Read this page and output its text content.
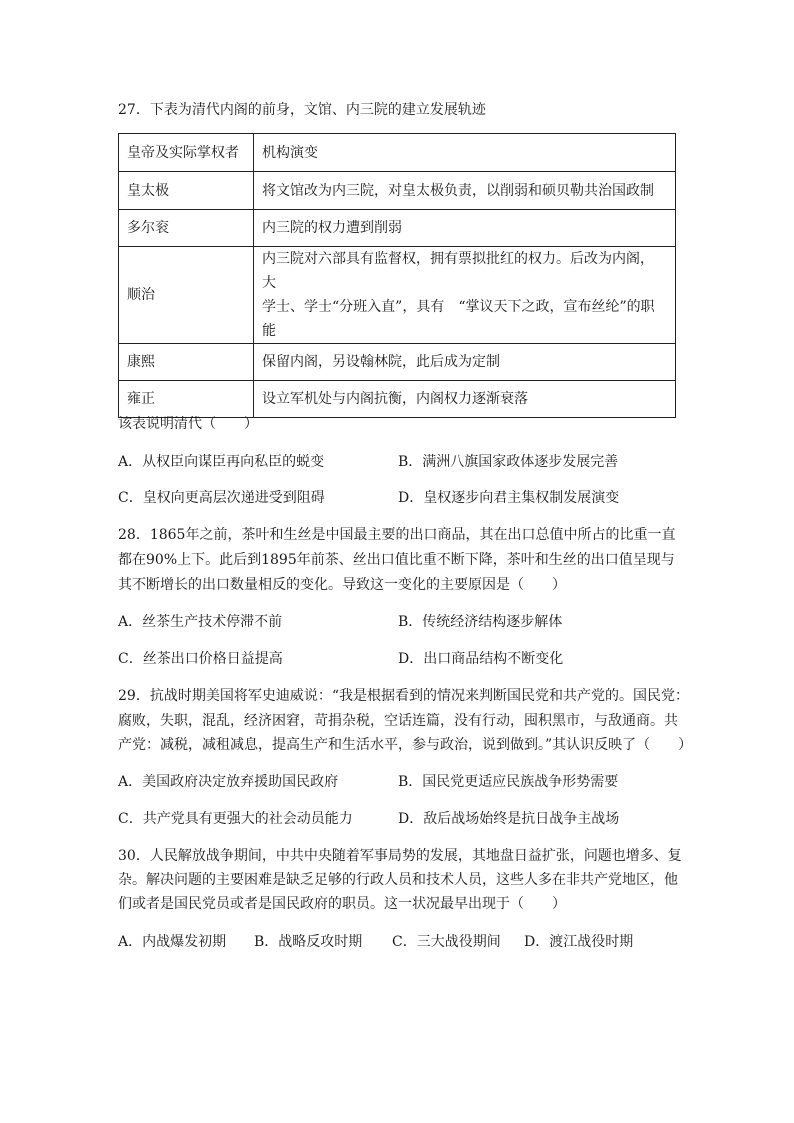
27．下表为清代内阁的前身，文馆、内三院的建立发展轨迹
皇帝及实际掌权者	机构演变
皇太极	将文馆改为内三院，对皇太极负责，以削弱和硕贝勒共治国政制
多尔衮	内三院的权力遭到削弱
顺治	内三院对六部具有监督权，拥有票拟批红的权力。后改为内阁，大
学士、学士“分班入直”，具有　“掌议天下之政，宣布丝纶”的职
能

康熙	保留内阁，另设翰林院，此后成为定制
雍正	设立军机处与内阁抗衡，内阁权力逐渐衰落
该表说明清代（　　）
A．从权臣向谋臣再向私臣的蜕变	B．满洲八旗国家政体逐步发展完善
C．皇权向更高层次递进受到阻碍	D．皇权逐步向君主集权制发展演变
28．1865年之前，茶叶和生丝是中国最主要的出口商品，其在出口总值中所占的比重一直
都在90%上下。此后到1895年前茶、丝出口值比重不断下降，茶叶和生丝的出口值呈现与
其不断增长的出口数量相反的变化。导致这一变化的主要原因是（　　）
A．丝茶生产技术停滞不前	B．传统经济结构逐步解体
C．丝茶出口价格日益提高	D．出口商品结构不断变化
29．抗战时期美国将军史迪威说：“我是根据看到的情况来判断国民党和共产党的。国民党：
腐败，失职，混乱，经济困窘，苛捐杂税，空话连篇，没有行动，囤积黑市，与敌通商。共
产党：减税，减租减息，提高生产和生活水平，参与政治，说到做到。”其认识反映了（　　）
A．美国政府决定放弃援助国民政府	B．国民党更适应民族战争形势需要
C．共产党具有更强大的社会动员能力	D．敌后战场始终是抗日战争主战场
30．人民解放战争期间，中共中央随着军事局势的发展，其地盘日益扩张，问题也增多、复
杂。解决问题的主要困难是缺乏足够的行政人员和技术人员，这些人多在非共产党地区，他
们或者是国民党员或者是国民政府的职员。这一状况最早出现于（　　）
A．内战爆发初期 B．战略反攻时期 C．三大战役期间 D．渡江战役时期
